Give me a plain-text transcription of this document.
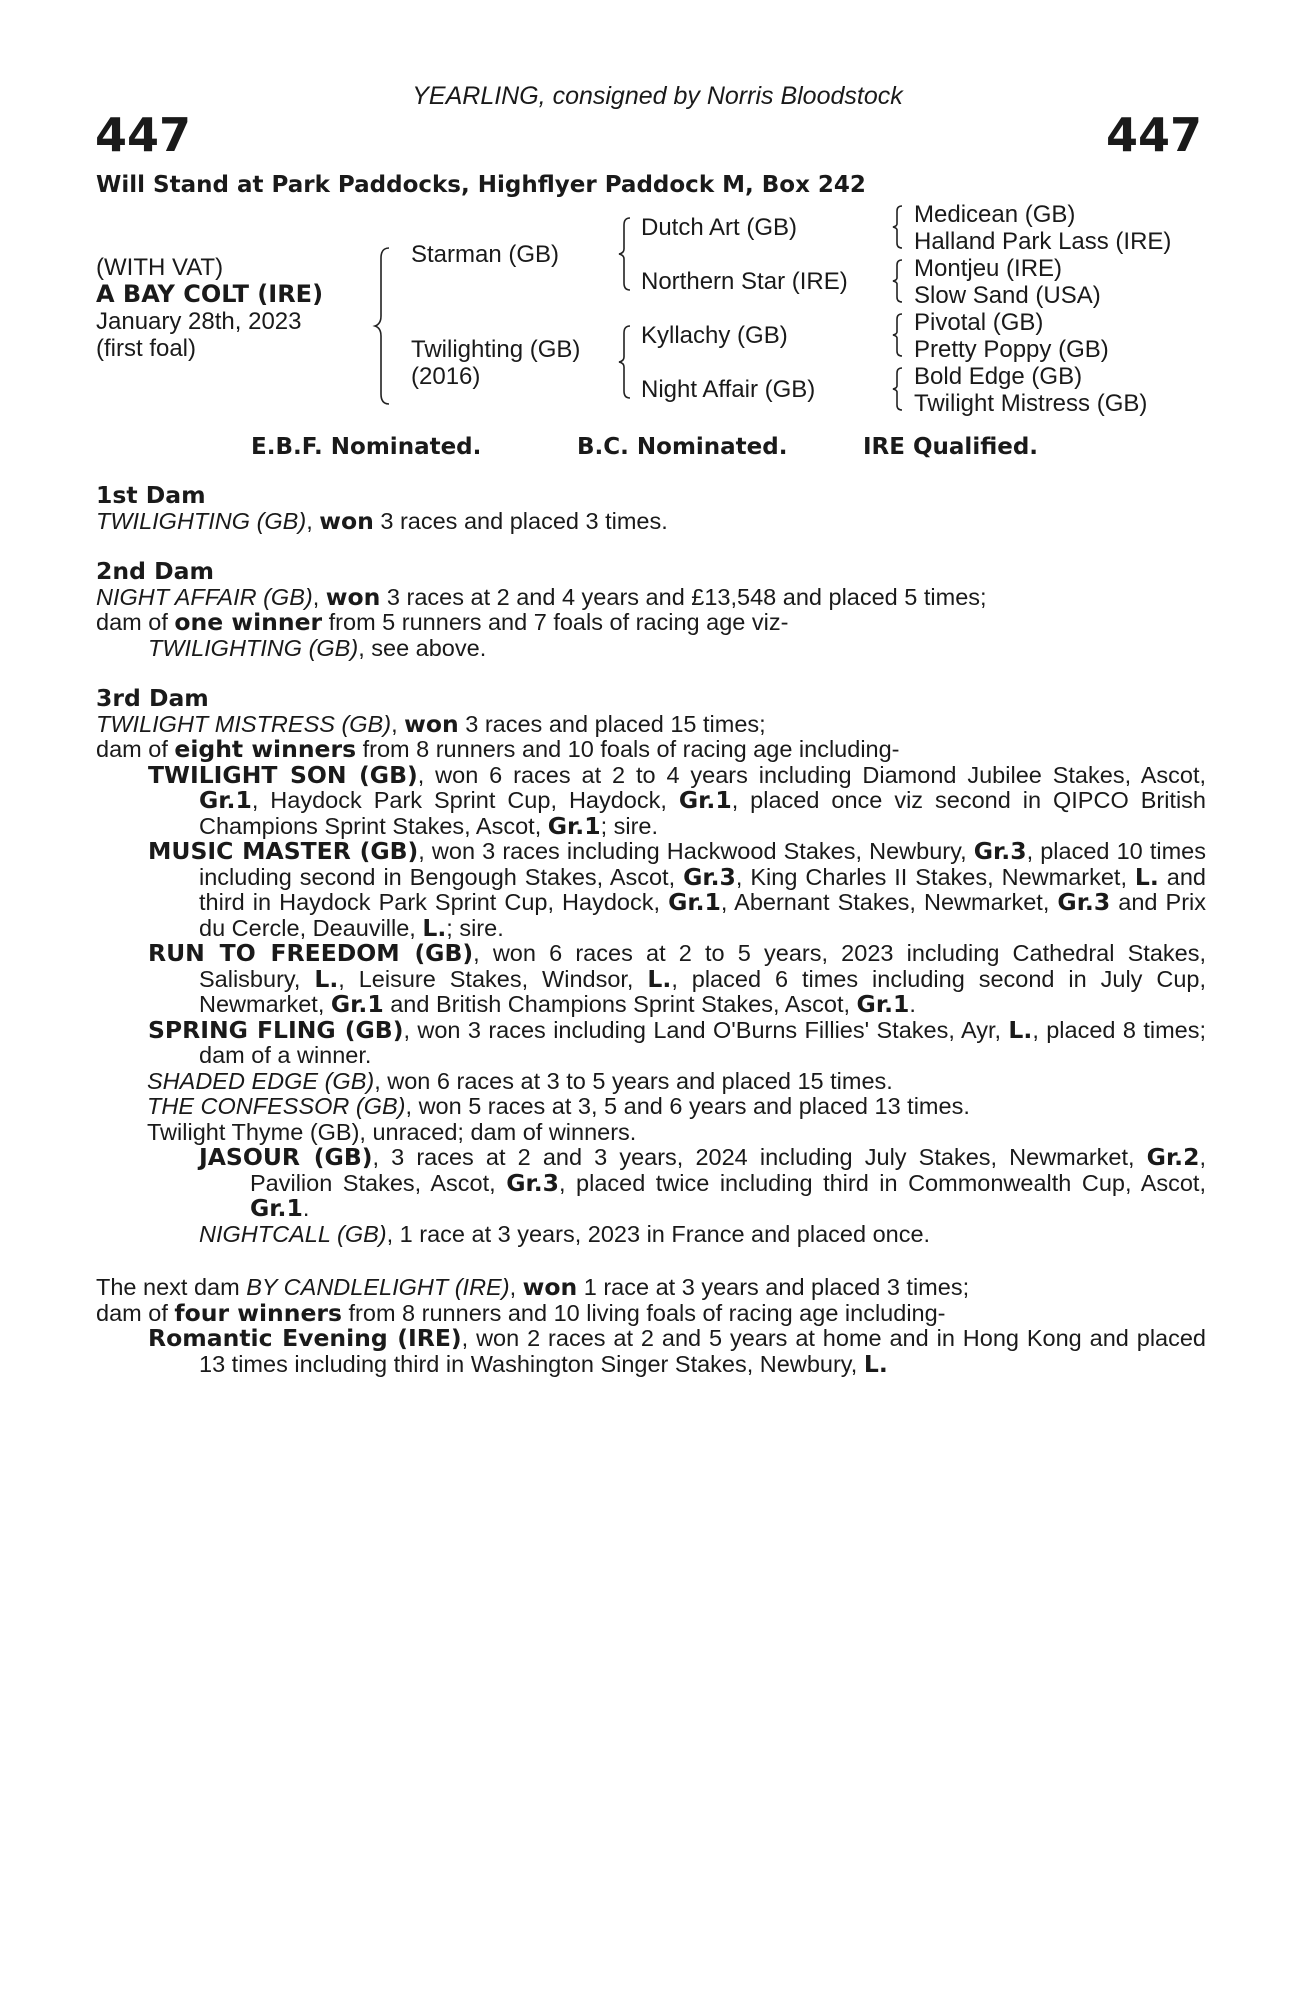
YEARLING, consigned by Norris Bloodstock
447	447
Will Stand at Park Paddocks, Highflyer Paddock M, Box 242
(WITH VAT)
A BAY COLT (IRE)
January 28th, 2023
(first foal)
Starman (GB)
Twilighting (GB)
(2016)
Dutch Art (GB)
Northern Star (IRE)
Kyllachy (GB)
Night Affair (GB)
Medicean (GB)
Halland Park Lass (IRE)
Montjeu (IRE)
Slow Sand (USA)
Pivotal (GB)
Pretty Poppy (GB)
Bold Edge (GB)
Twilight Mistress (GB)
E.B.F. Nominated.	B.C. Nominated.	IRE Qualified.
1st Dam
TWILIGHTING (GB), won 3 races and placed 3 times.
2nd Dam
NIGHT AFFAIR (GB), won 3 races at 2 and 4 years and £13,548 and placed 5 times;
dam of one winner from 5 runners and 7 foals of racing age viz-
TWILIGHTING (GB), see above.
3rd Dam
TWILIGHT MISTRESS (GB), won 3 races and placed 15 times;
dam of eight winners from 8 runners and 10 foals of racing age including-
TWILIGHT SON (GB), won 6 races at 2 to 4 years including Diamond Jubilee Stakes, Ascot, Gr.1, Haydock Park Sprint Cup, Haydock, Gr.1, placed once viz second in QIPCO British Champions Sprint Stakes, Ascot, Gr.1; sire.
MUSIC MASTER (GB), won 3 races including Hackwood Stakes, Newbury, Gr.3, placed 10 times including second in Bengough Stakes, Ascot, Gr.3, King Charles II Stakes, Newmarket, L. and third in Haydock Park Sprint Cup, Haydock, Gr.1, Abernant Stakes, Newmarket, Gr.3 and Prix du Cercle, Deauville, L.; sire.
RUN TO FREEDOM (GB), won 6 races at 2 to 5 years, 2023 including Cathedral Stakes, Salisbury, L., Leisure Stakes, Windsor, L., placed 6 times including second in July Cup, Newmarket, Gr.1 and British Champions Sprint Stakes, Ascot, Gr.1.
SPRING FLING (GB), won 3 races including Land O'Burns Fillies' Stakes, Ayr, L., placed 8 times; dam of a winner.
SHADED EDGE (GB), won 6 races at 3 to 5 years and placed 15 times.
THE CONFESSOR (GB), won 5 races at 3, 5 and 6 years and placed 13 times.
Twilight Thyme (GB), unraced; dam of winners.
JASOUR (GB), 3 races at 2 and 3 years, 2024 including July Stakes, Newmarket, Gr.2, Pavilion Stakes, Ascot, Gr.3, placed twice including third in Commonwealth Cup, Ascot, Gr.1.
NIGHTCALL (GB), 1 race at 3 years, 2023 in France and placed once.
The next dam BY CANDLELIGHT (IRE), won 1 race at 3 years and placed 3 times;
dam of four winners from 8 runners and 10 living foals of racing age including-
Romantic Evening (IRE), won 2 races at 2 and 5 years at home and in Hong Kong and placed 13 times including third in Washington Singer Stakes, Newbury, L.
